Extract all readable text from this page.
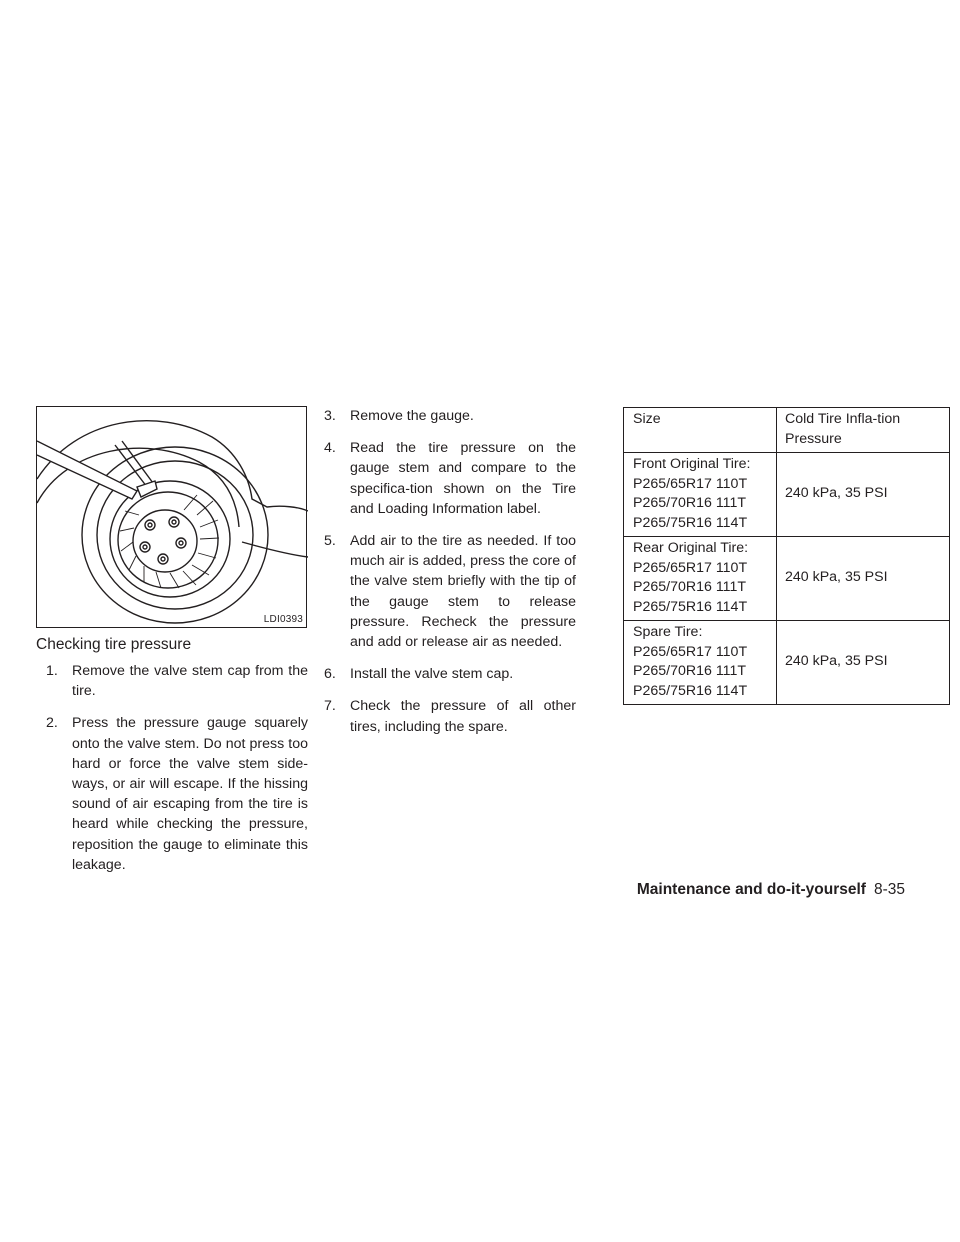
LDI0393
Checking tire pressure
1. Remove the valve stem cap from the tire.
2. Press the pressure gauge squarely onto the valve stem. Do not press too hard or force the valve stem side-ways, or air will escape. If the hissing sound of air escaping from the tire is heard while checking the pressure, reposition the gauge to eliminate this leakage.
3. Remove the gauge.
4. Read the tire pressure on the gauge stem and compare to the specifica-tion shown on the Tire and Loading Information label.
5. Add air to the tire as needed. If too much air is added, press the core of the valve stem briefly with the tip of the gauge stem to release pressure. Recheck the pressure and add or release air as needed.
6. Install the valve stem cap.
7. Check the pressure of all other tires, including the spare.
Size	Cold Tire Infla-tion Pressure

Front Original Tire:
P265/65R17 110T
P265/70R16 111T
P265/75R16 114T	240 kPa, 35 PSI

Rear Original Tire:
P265/65R17 110T
P265/70R16 111T
P265/75R16 114T	240 kPa, 35 PSI

Spare Tire:
P265/65R17 110T
P265/70R16 111T
P265/75R16 114T	240 kPa, 35 PSI
Maintenance and do-it-yourself 8-35
